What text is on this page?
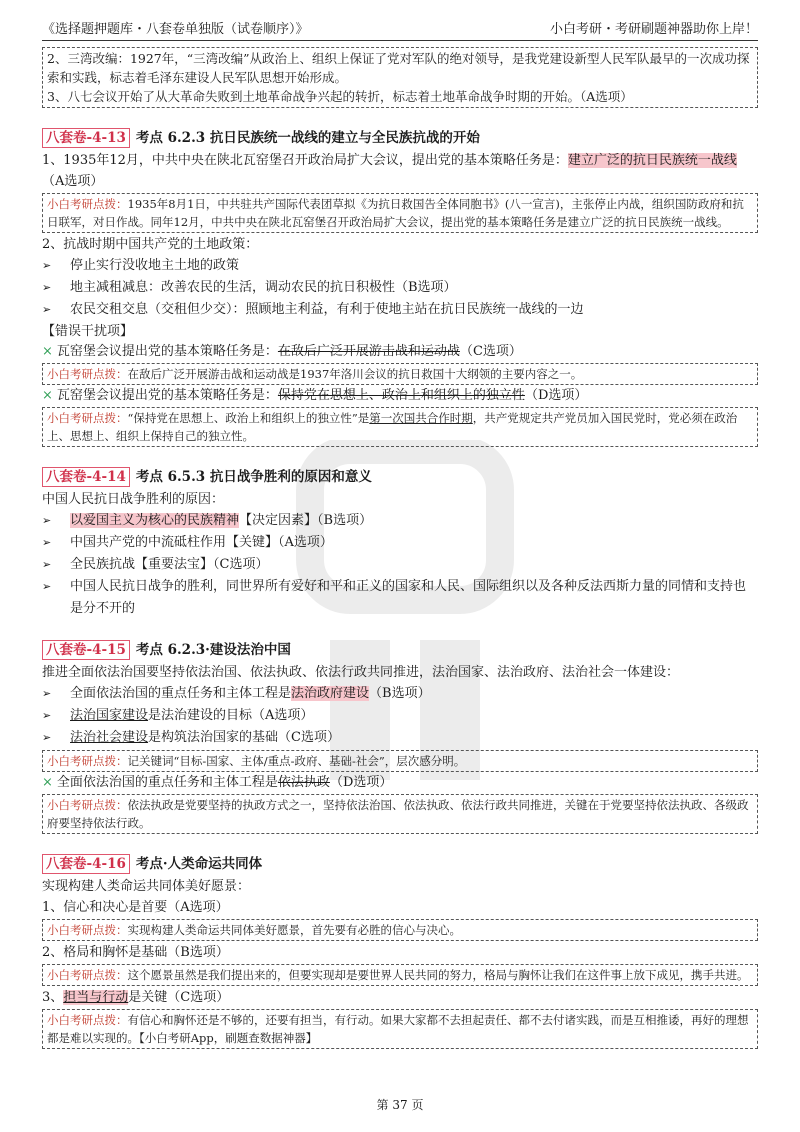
《选择题押题库・八套卷单独版（试卷顺序）》	小白考研・考研刷题神器助你上岸！
2、三湾改编：1927年，“三湾改编”从政治上、组织上保证了党对军队的绝对领导，是我党建设新型人民军队最早的一次成功探索和实践，标志着毛泽东建设人民军队思想开始形成。
3、八七会议开始了从大革命失败到土地革命战争兴起的转折，标志着土地革命战争时期的开始。（A选项）
八套卷-4-13 考点 6.2.3 抗日民族统一战线的建立与全民族抗战的开始
1、1935年12月，中共中央在陕北瓦窑堡召开政治局扩大会议，提出党的基本策略任务是：建立广泛的抗日民族统一战线（A选项）
小白考研点拨：1935年8月1日，中共驻共产国际代表团草拟《为抗日救国告全体同胞书》(八一宣言)，主张停止内战，组织国防政府和抗日联军，对日作战。同年12月，中共中央在陕北瓦窑堡召开政治局扩大会议，提出党的基本策略任务是建立广泛的抗日民族统一战线。
2、抗战时期中国共产党的土地政策：
➢	停止实行没收地主土地的政策
➢	地主减租减息：改善农民的生活，调动农民的抗日积极性（B选项）
➢	农民交租交息（交租但少交）：照顾地主利益，有利于使地主站在抗日民族统一战线的一边
【错误干扰项】
× 瓦窑堡会议提出党的基本策略任务是：在敌后广泛开展游击战和运动战（C选项）
小白考研点拨：在敌后广泛开展游击战和运动战是1937年洛川会议的抗日救国十大纲领的主要内容之一。
× 瓦窑堡会议提出党的基本策略任务是：保持党在思想上、政治上和组织上的独立性（D选项）
小白考研点拨：“保持党在思想上、政治上和组织上的独立性”是第一次国共合作时期，共产党规定共产党员加入国民党时，党必须在政治上、思想上、组织上保持自己的独立性。
八套卷-4-14 考点 6.5.3 抗日战争胜利的原因和意义
中国人民抗日战争胜利的原因：
➢	以爱国主义为核心的民族精神【决定因素】（B选项）
➢	中国共产党的中流砥柱作用【关键】（A选项）
➢	全民族抗战【重要法宝】（C选项）
➢	中国人民抗日战争的胜利，同世界所有爱好和平和正义的国家和人民、国际组织以及各种反法西斯力量的同情和支持也是分不开的
八套卷-4-15 考点 6.2.3·建设法治中国
推进全面依法治国要坚持依法治国、依法执政、依法行政共同推进，法治国家、法治政府、法治社会一体建设：
➢	全面依法治国的重点任务和主体工程是法治政府建设（B选项）
➢	法治国家建设是法治建设的目标（A选项）
➢	法治社会建设是构筑法治国家的基础（C选项）
小白考研点拨：记关键词“目标-国家、主体/重点-政府、基础-社会”，层次感分明。
× 全面依法治国的重点任务和主体工程是依法执政（D选项）
小白考研点拨：依法执政是党要坚持的执政方式之一，坚持依法治国、依法执政、依法行政共同推进，关键在于党要坚持依法执政、各级政府要坚持依法行政。
八套卷-4-16 考点·人类命运共同体
实现构建人类命运共同体美好愿景：
1、信心和决心是首要（A选项）
小白考研点拨：实现构建人类命运共同体美好愿景，首先要有必胜的信心与决心。
2、格局和胸怀是基础（B选项）
小白考研点拨：这个愿景虽然是我们提出来的，但要实现却是要世界人民共同的努力，格局与胸怀让我们在这件事上放下成见，携手共进。
3、担当与行动是关键（C选项）
小白考研点拨：有信心和胸怀还是不够的，还要有担当，有行动。如果大家都不去担起责任、都不去付诸实践，而是互相推诿，再好的理想都是难以实现的。【小白考研App，刷题查数据神器】
第 37 页
